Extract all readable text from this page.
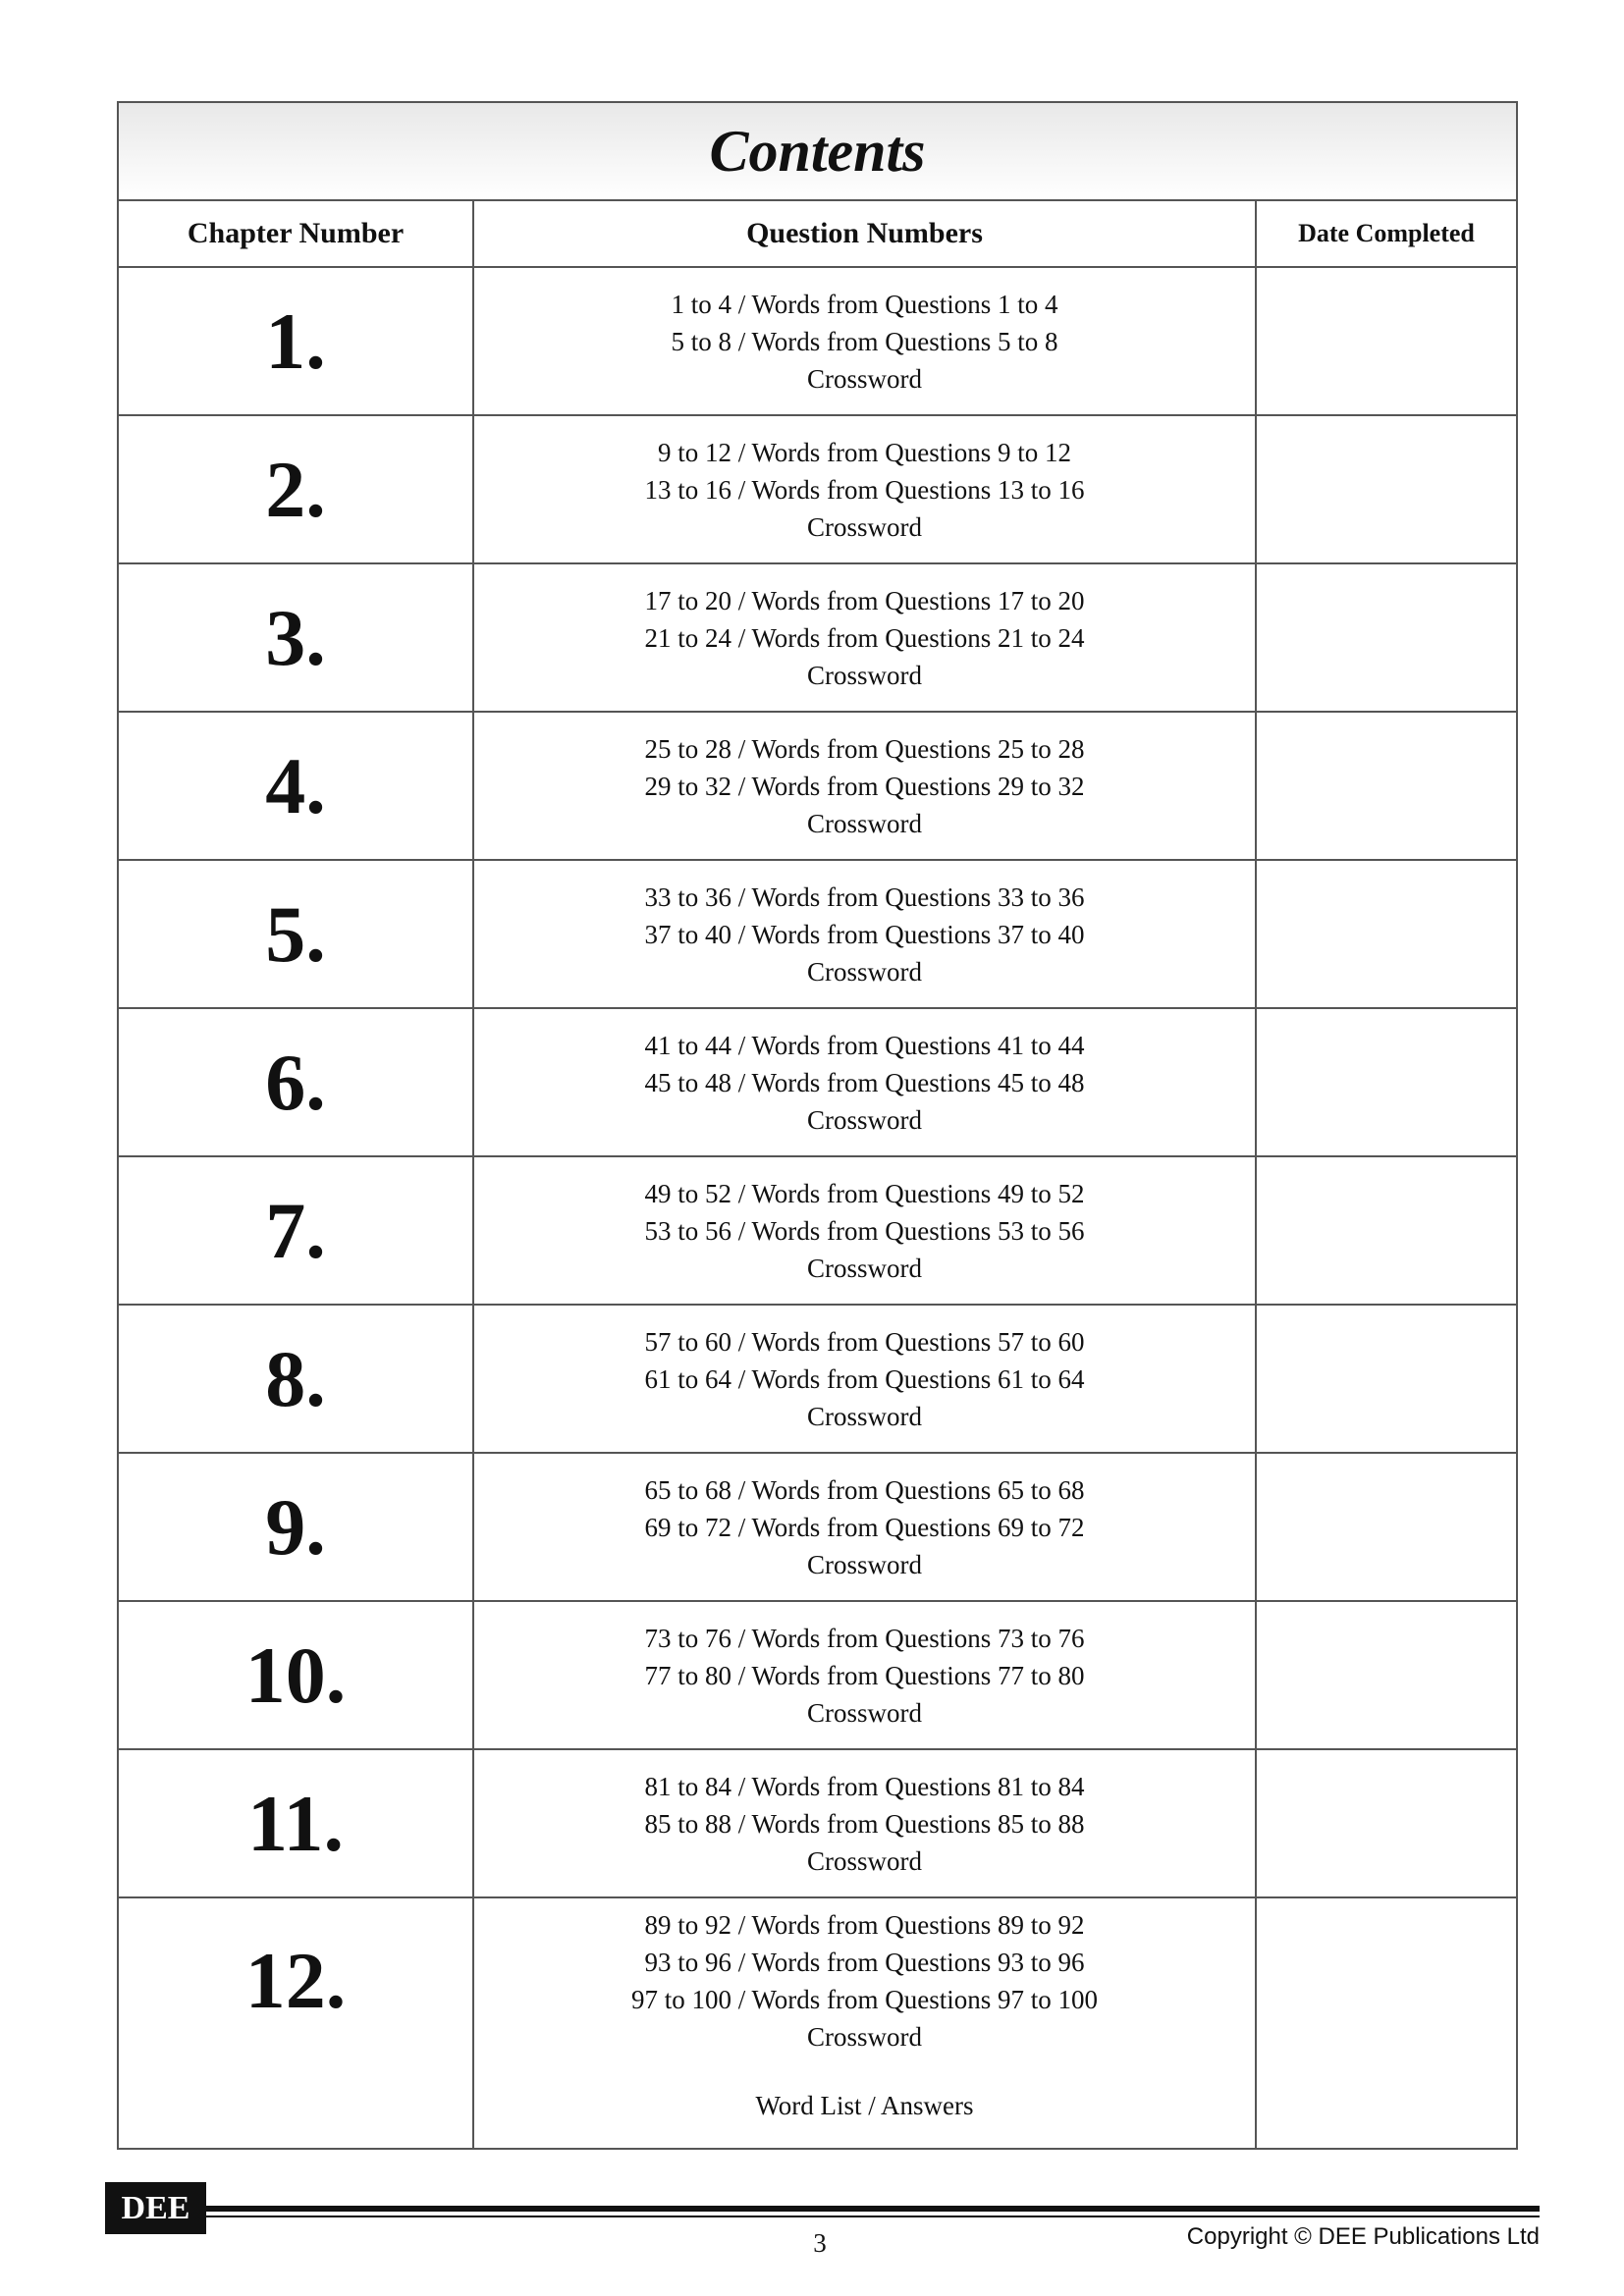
Contents
Chapter Number	Question Numbers	Date Completed
1.	1 to 4 / Words from Questions 1 to 4
5 to 8 / Words from Questions 5 to 8
Crossword
2.	9 to 12 / Words from Questions 9 to 12
13 to 16 / Words from Questions 13 to 16
Crossword
3.	17 to 20 / Words from Questions 17 to 20
21 to 24 / Words from Questions 21 to 24
Crossword
4.	25 to 28 / Words from Questions 25 to 28
29 to 32 / Words from Questions 29 to 32
Crossword
5.	33 to 36 / Words from Questions 33 to 36
37 to 40 / Words from Questions 37 to 40
Crossword
6.	41 to 44 / Words from Questions 41 to 44
45 to 48 / Words from Questions 45 to 48
Crossword
7.	49 to 52 / Words from Questions 49 to 52
53 to 56 / Words from Questions 53 to 56
Crossword
8.	57 to 60 / Words from Questions 57 to 60
61 to 64 / Words from Questions 61 to 64
Crossword
9.	65 to 68 / Words from Questions 65 to 68
69 to 72 / Words from Questions 69 to 72
Crossword
10.	73 to 76 / Words from Questions 73 to 76
77 to 80 / Words from Questions 77 to 80
Crossword
11.	81 to 84 / Words from Questions 81 to 84
85 to 88 / Words from Questions 85 to 88
Crossword
12.
89 to 92 / Words from Questions 89 to 92
93 to 96 / Words from Questions 93 to 96
97 to 100 / Words from Questions 97 to 100
Crossword
Word List / Answers
DEE
3	Copyright © DEE Publications Ltd
